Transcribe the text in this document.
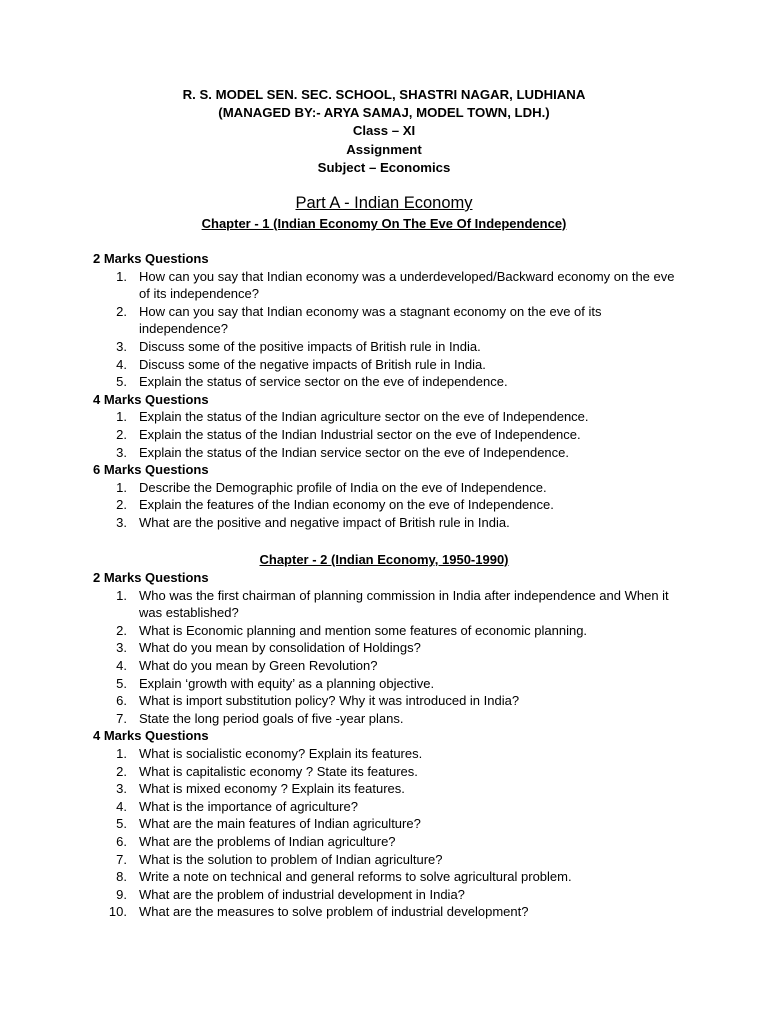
R. S. MODEL SEN. SEC. SCHOOL, SHASTRI NAGAR, LUDHIANA
(MANAGED BY:- ARYA SAMAJ, MODEL TOWN, LDH.)
Class – XI
Assignment
Subject – Economics
Part A - Indian Economy
Chapter - 1 (Indian Economy On The Eve Of Independence)
2 Marks Questions
1. How can you say that Indian economy was a underdeveloped/Backward economy on the eve of its independence?
2. How can you say that Indian economy was a stagnant economy on the eve of its independence?
3. Discuss some of the positive impacts of British rule in India.
4. Discuss some of the negative impacts of British rule in India.
5. Explain the status of service sector on the eve of independence.
4 Marks Questions
1. Explain the status of the Indian agriculture sector on the eve of Independence.
2. Explain the status of the Indian Industrial sector on the eve of Independence.
3. Explain the status of the Indian service sector on the eve of Independence.
6 Marks Questions
1. Describe the Demographic profile of India on the eve of Independence.
2. Explain the features of the Indian economy on the eve of Independence.
3. What are the positive and negative impact of British rule in India.
Chapter - 2 (Indian Economy, 1950-1990)
2 Marks Questions
1. Who was the first chairman of planning commission in India after independence and When it was established?
2. What is Economic planning and mention some features of economic planning.
3. What do you mean by consolidation of Holdings?
4. What do you mean by Green Revolution?
5. Explain ‘growth with equity’ as a planning objective.
6. What is import substitution policy? Why it was introduced in India?
7. State the long period goals of five -year plans.
4 Marks Questions
1. What is socialistic economy? Explain its features.
2. What is capitalistic economy ? State its features.
3. What is mixed economy ? Explain its features.
4. What is the importance of agriculture?
5. What are the main features of Indian agriculture?
6. What are the problems of Indian agriculture?
7. What is the solution to problem of Indian agriculture?
8. Write a note on technical and general reforms to solve agricultural problem.
9. What are the problem of industrial development in India?
10. What are the measures to solve problem of industrial development?
